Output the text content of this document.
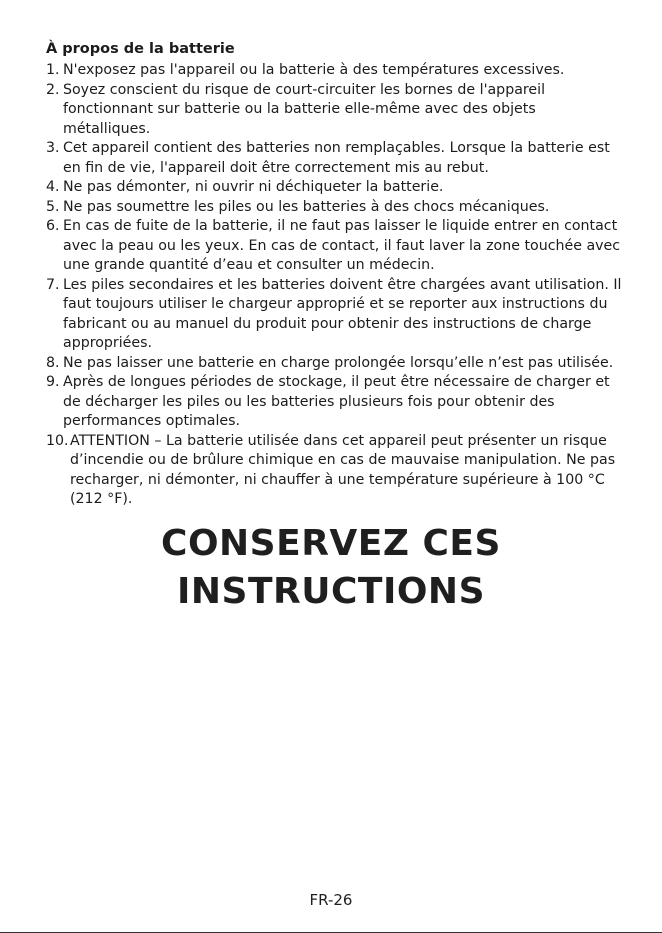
À propos de la batterie
1. N'exposez pas l'appareil ou la batterie à des températures excessives.
2. Soyez conscient du risque de court-circuiter les bornes de l'appareil fonctionnant sur batterie ou la batterie elle-même avec des objets métalliques.
3. Cet appareil contient des batteries non remplaçables. Lorsque la batterie est en fin de vie, l'appareil doit être correctement mis au rebut.
4. Ne pas démonter, ni ouvrir ni déchiqueter la batterie.
5. Ne pas soumettre les piles ou les batteries à des chocs mécaniques.
6. En cas de fuite de la batterie, il ne faut pas laisser le liquide entrer en contact avec la peau ou les yeux. En cas de contact, il faut laver la zone touchée avec une grande quantité d’eau et consulter un médecin.
7. Les piles secondaires et les batteries doivent être chargées avant utilisation. Il faut toujours utiliser le chargeur approprié et se reporter aux instructions du fabricant ou au manuel du produit pour obtenir des instructions de charge appropriées.
8. Ne pas laisser une batterie en charge prolongée lorsqu’elle n’est pas utilisée.
9. Après de longues périodes de stockage, il peut être nécessaire de charger et de décharger les piles ou les batteries plusieurs fois pour obtenir des performances optimales.
10. ATTENTION – La batterie utilisée dans cet appareil peut présenter un risque d’incendie ou de brûlure chimique en cas de mauvaise manipulation. Ne pas recharger, ni démonter, ni chauffer à une température supérieure à 100 °C (212 °F).
CONSERVEZ CES
INSTRUCTIONS
FR-26
